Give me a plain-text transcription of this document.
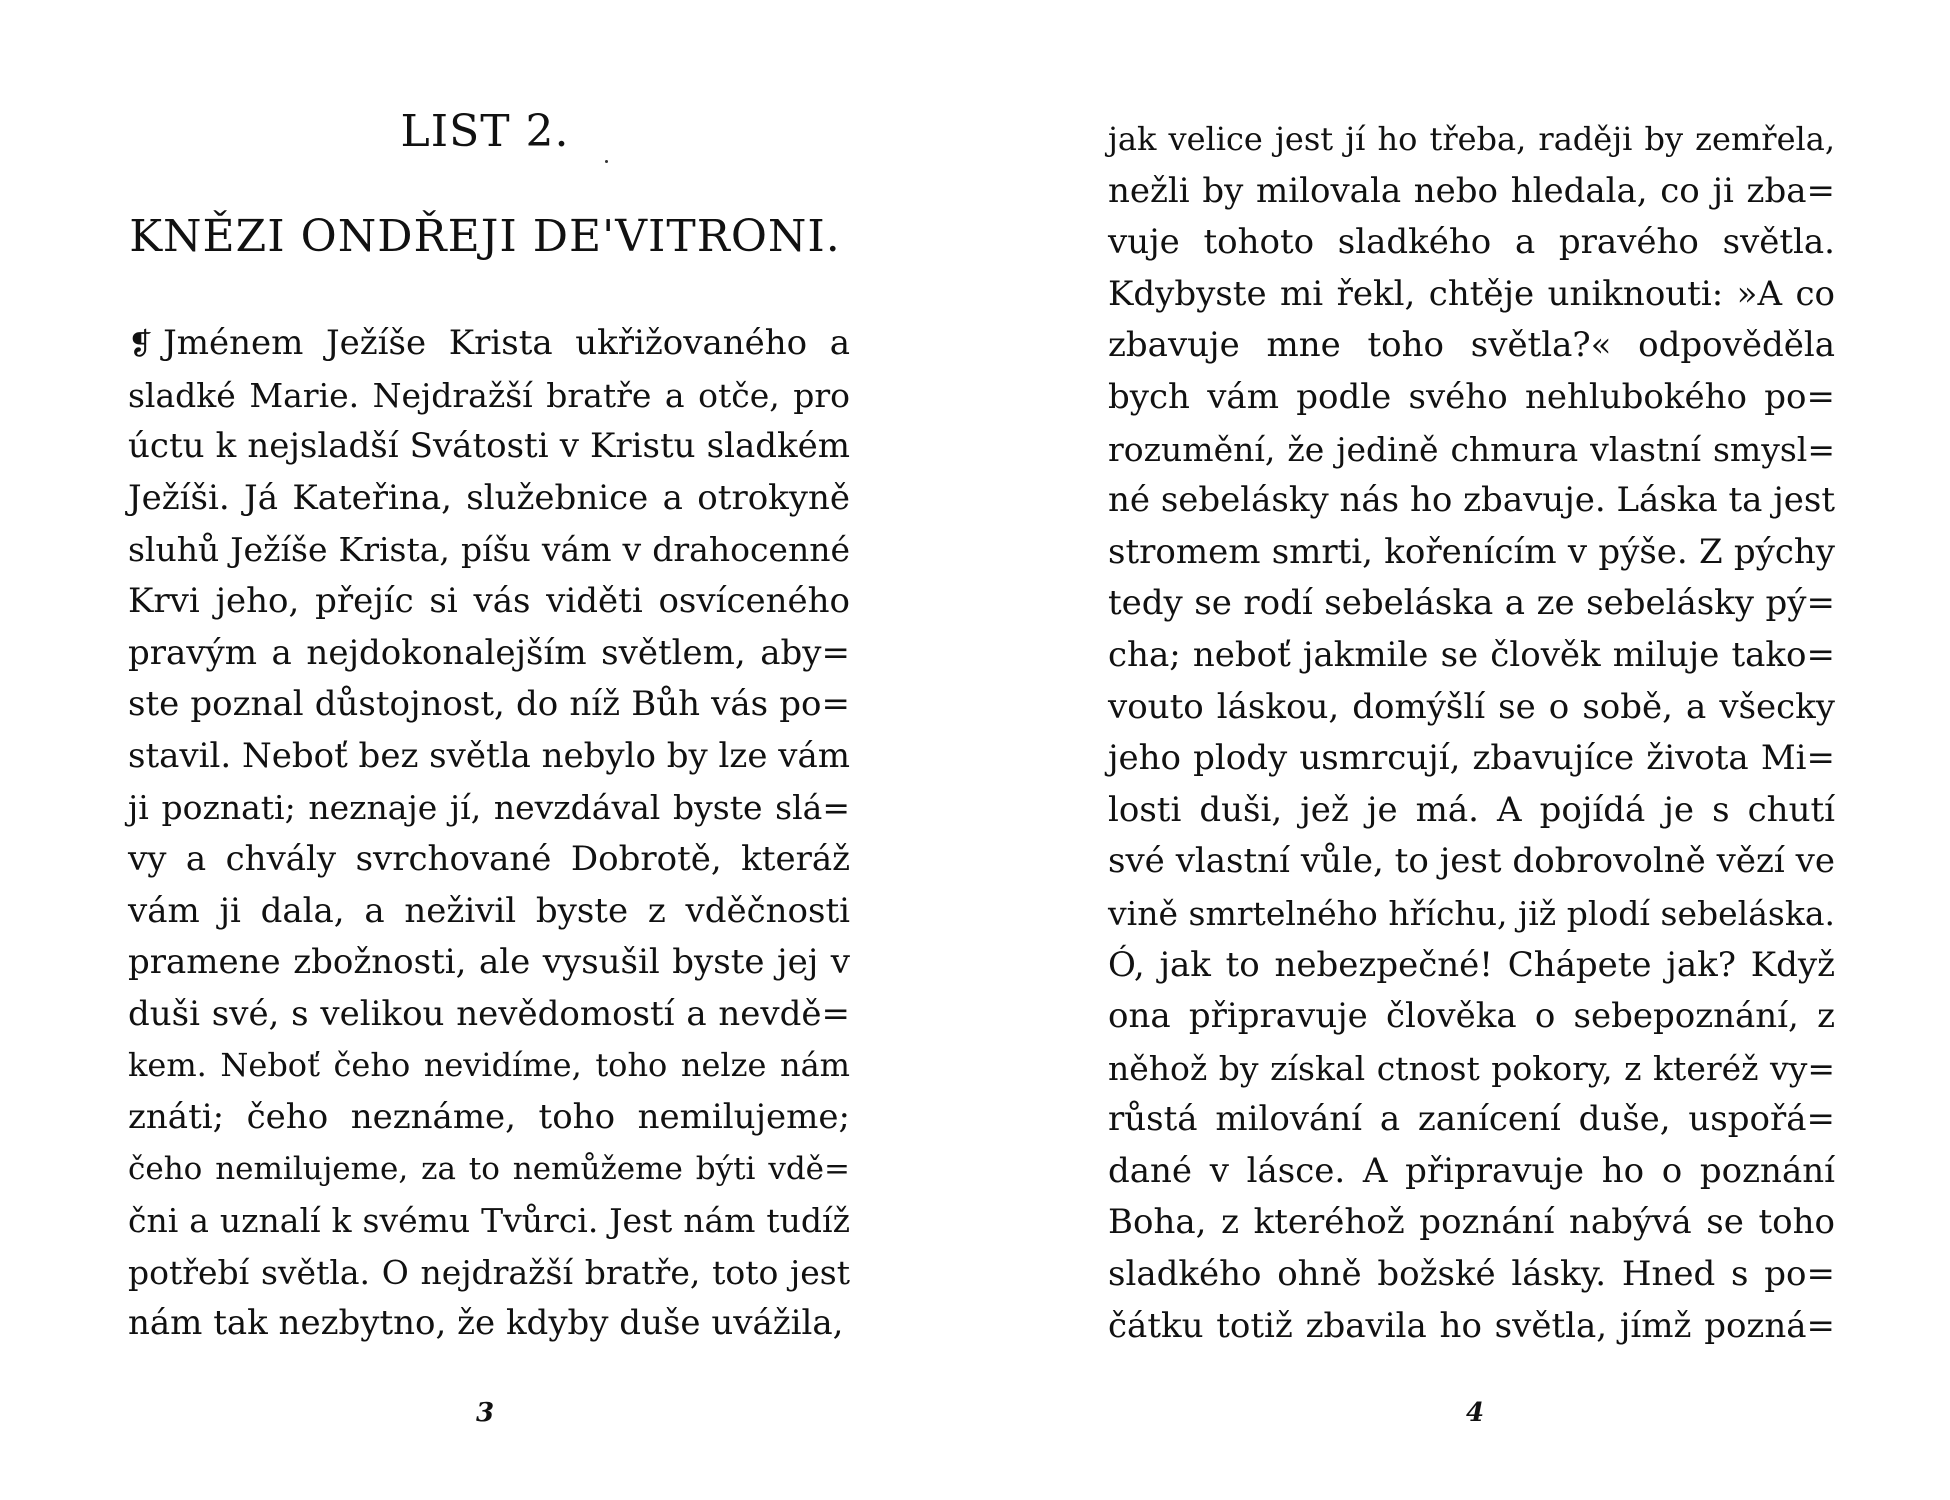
LIST 2.
KNĚZI ONDŘEJI DE'VITRONI.
❡ Jménem Ježíše Krista ukřižovaného a
sladké Marie. Nejdražší bratře a otče, pro
úctu k nejsladší Svátosti v Kristu sladkém
Ježíši. Já Kateřina, služebnice a otrokyně
sluhů Ježíše Krista, píšu vám v drahocenné
Krvi jeho, přejíc si vás viděti osvíceného
pravým a nejdokonalejším světlem, aby=
ste poznal důstojnost, do níž Bůh vás po=
stavil. Neboť bez světla nebylo by lze vám
ji poznati; neznaje jí, nevzdával byste slá=
vy a chvály svrchované Dobrotě, kteráž
vám ji dala, a neživil byste z vděčnosti
pramene zbožnosti, ale vysušil byste jej v
duši své, s velikou nevědomostí a nevdě=
kem. Neboť čeho nevidíme, toho nelze nám
znáti; čeho neznáme, toho nemilujeme;
čeho nemilujeme, za to nemůžeme býti vdě=
čni a uznalí k svému Tvůrci. Jest nám tudíž
potřebí světla. O nejdražší bratře, toto jest
nám tak nezbytno, že kdyby duše uvážila,
3
jak velice jest jí ho třeba, raději by zemřela,
nežli by milovala nebo hledala, co ji zba=
vuje tohoto sladkého a pravého světla.
Kdybyste mi řekl, chtěje uniknouti: »A co
zbavuje mne toho světla?« odpověděla
bych vám podle svého nehlubokého po=
rozumění, že jedině chmura vlastní smysl=
né sebelásky nás ho zbavuje. Láska ta jest
stromem smrti, kořenícím v pýše. Z pýchy
tedy se rodí sebeláska a ze sebelásky pý=
cha; neboť jakmile se člověk miluje tako=
vouto láskou, domýšlí se o sobě, a všecky
jeho plody usmrcují, zbavujíce života Mi=
losti duši, jež je má. A pojídá je s chutí
své vlastní vůle, to jest dobrovolně vězí ve
vině smrtelného hříchu, již plodí sebeláska.
Ó, jak to nebezpečné! Chápete jak? Když
ona připravuje člověka o sebepoznání, z
něhož by získal ctnost pokory, z kteréž vy=
růstá milování a zanícení duše, uspořá=
dané v lásce. A připravuje ho o poznání
Boha, z kteréhož poznání nabývá se toho
sladkého ohně božské lásky. Hned s po=
čátku totiž zbavila ho světla, jímž pozná=
4
